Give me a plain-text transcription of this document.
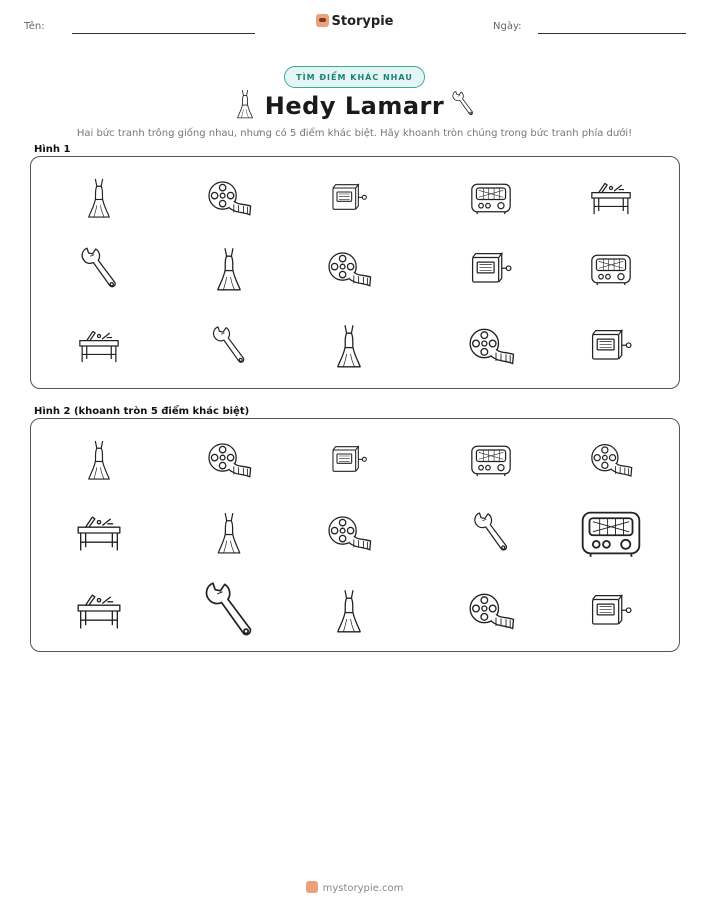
Tên:	Storypie	Ngày:
TÌM ĐIỂM KHÁC NHAU
Hedy Lamarr
Hai bức tranh trông giống nhau, nhưng có 5 điểm khác biệt. Hãy khoanh tròn chúng trong bức tranh phía dưới!
Hình 1
Hình 2 (khoanh tròn 5 điểm khác biệt)
mystorypie.com
